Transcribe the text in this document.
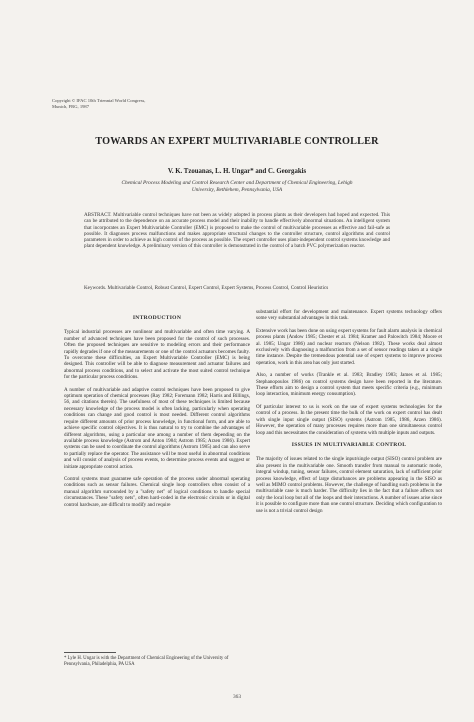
Copyright © IFAC 10th Triennial World Congress,
Munich, FRG, 1987
TOWARDS AN EXPERT MULTIVARIABLE CONTROLLER
V. K. Tzouanas, L. H. Ungar* and C. Georgakis
Chemical Process Modeling and Control Research Center and Department of Chemical Engineering, Lehigh University, Bethlehem, Pennsylvania, USA
ABSTRACT. Multivariable control techniques have not been as widely adopted in process plants as their developers had hoped and expected. This can be attributed to the dependence on an accurate process model and their inability to handle effectively abnormal situations. An intelligent system that incorporates an Expert Multivariable Controller (EMC) is proposed to make the control of multivariable processes as effective and fail-safe as possible. It diagnoses process malfunctions and makes appropriate structural changes to the controller structure, control algorithms and control parameters in order to achieve as high control of the process as possible. The expert controller uses plant-independent control systems knowledge and plant dependent knowledge. A preliminary version of this controller is demonstrated in the control of a batch PVC polymerization reactor.
Keywords. Multivariable Control, Robust Control, Expert Control, Expert Systems, Process Control, Control Heuristics
INTRODUCTION

Typical industrial processes are nonlinear and multivariable and often time varying. A number of advanced techniques have been proposed for the control of such processes. Often the proposed techniques are sensitive to modeling errors and their performance rapidly degrades if one of the measurements or one of the control actuators becomes faulty. To overcome these difficulties, an Expert Multivariable Controller (EMC) is being designed. This controller will be able to diagnose measurement and actuator failures and abnormal process conditions, and to select and activate the most suited control technique for the particular process conditions.

A number of multivariable and adaptive control techniques have been proposed to give optimum operation of chemical processes (Ray 1982; Foremann 1982; Harris and Billings, 56, and citations therein). The usefulness of most of these techniques is limited because necessary knowledge of the process model is often lacking, particularly when operating conditions can change and good control is most needed. Different control algorithms require different amounts of prior process knowledge, in functional form, and are able to achieve specific control objectives. It is thus natural to try to combine the advantages of different algorithms, using a particular one among a number of them depending on the available process knowledge (Astrom and Anton 1984; Astrom 1985; Arzen 1986). Expert systems can be used to coordinate the control algorithms (Astrom 1985) and can also serve to partially replace the operator. The assistance will be most useful in abnormal conditions and will consist of analysis of process events, to determine process events and suggest or initiate appropriate control action.

Control systems must guarantee safe operation of the process under abnormal operating conditions such as sensor failures. Chemical single loop controllers often consist of a manual algorithm surrounded by a "safety net" of logical conditions to handle special circumstances. These "safety nets", often hard-coded in the electronic circuits or in digital control hardware, are difficult to modify and require

substantial effort for development and maintenance. Expert systems technology offers some very substantial advantages in this task.

Extensive work has been done on using expert systems for fault alarm analysis in chemical process plants (Andow 1985; Chester et al. 1984; Kramer and Palowitch 1984; Moore et al. 1985; Ungar 1986) and nuclear reactors (Nelson 1982). These works deal almost exclusively with diagnosing a malfunction from a set of sensor readings taken at a single time instance. Despite the tremendous potential use of expert systems to improve process operation, work in this area has only just started.

Also, a number of works (Trankle et al. 1983; Bradley 1983; James et al. 1985; Stephanopoulos 1986) on control systems design have been reported in the literature. These efforts aim to design a control system that meets specific criteria (e.g., minimum loop interaction, minimum energy consumption).

Of particular interest to us is work on the use of expert systems technologies for the control of a process. In the present time the bulk of the work on expert control has dealt with single input single output (SISO) systems (Astrom 1985, 1986, Arzen 1986). However, the operation of many processes requires more than one simultaneous control loop and this necessitates the consideration of systems with multiple inputs and outputs.

ISSUES IN MULTIVARIABLE CONTROL

The majority of issues related to the single input/single output (SISO) control problem are also present in the multivariable one. Smooth transfer from manual to automatic mode, integral windup, tuning, sensor failures, control element saturation, lack of sufficient prior process knowledge, effect of large disturbances are problems appearing in the SISO as well as MIMO control problems. However, the challenge of handling such problems in the multivariable case is much harder. The difficulty lies in the fact that a failure affects not only the local loop but all of the loops and their interactions. A number of issues arise since it is possible to configure more than one control structure. Deciding which configuration to use is not a trivial control design

* Lyle H. Ungar is with the Department of Chemical Engineering of the University of Pennsylvania, Philadelphia, PA USA
363
